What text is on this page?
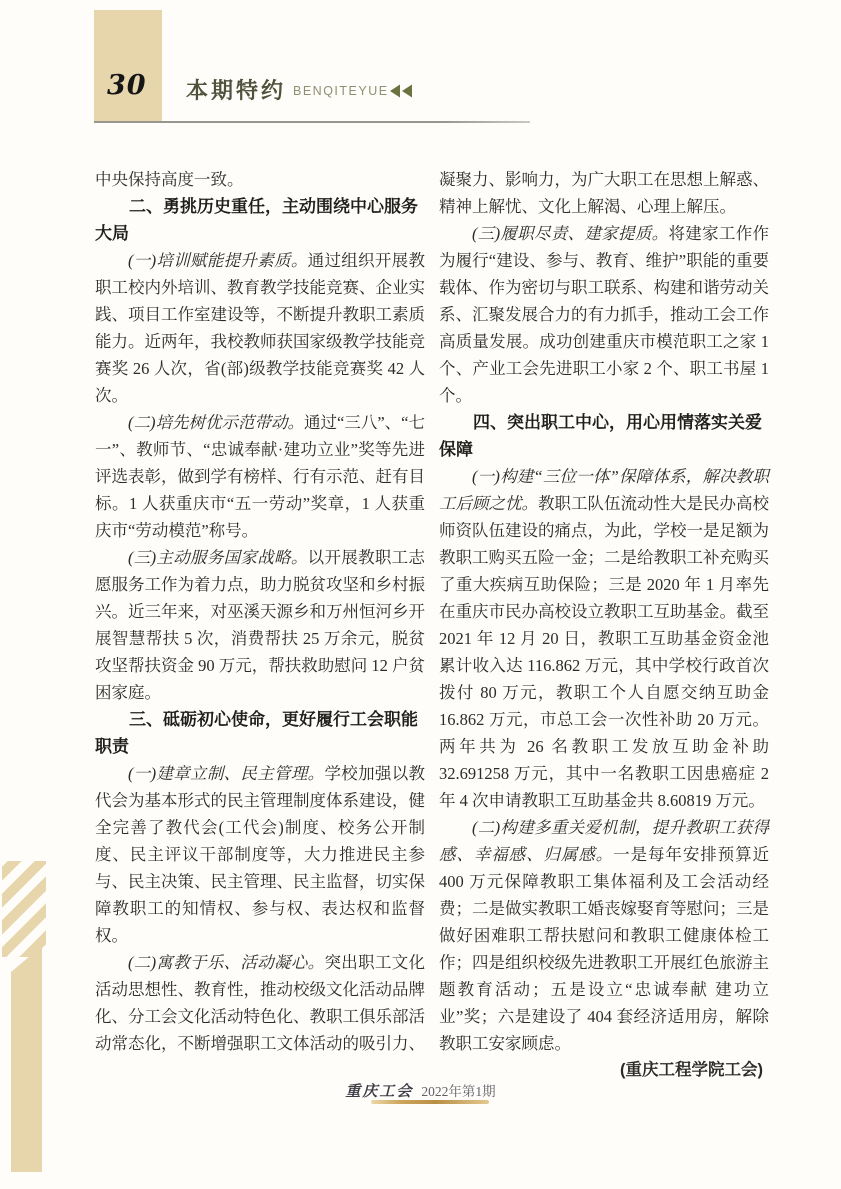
30 本期特约 BENQITEYUE

中央保持高度一致。

二、勇挑历史重任，主动围绕中心服务大局

(一)培训赋能提升素质。通过组织开展教职工校内外培训、教育教学技能竞赛、企业实践、项目工作室建设等，不断提升教职工素质能力。近两年，我校教师获国家级教学技能竞赛奖 26 人次，省(部)级教学技能竞赛奖 42 人次。

(二)培先树优示范带动。通过“三八”、“七一”、教师节、“忠诚奉献·建功立业”奖等先进评选表彰，做到学有榜样、行有示范、赶有目标。1 人获重庆市“五一劳动”奖章，1 人获重庆市“劳动模范”称号。

(三)主动服务国家战略。以开展教职工志愿服务工作为着力点，助力脱贫攻坚和乡村振兴。近三年来，对巫溪天源乡和万州恒河乡开展智慧帮扶 5 次，消费帮扶 25 万余元，脱贫攻坚帮扶资金 90 万元，帮扶救助慰问 12 户贫困家庭。

三、砥砺初心使命，更好履行工会职能职责

(一)建章立制、民主管理。学校加强以教代会为基本形式的民主管理制度体系建设，健全完善了教代会(工代会)制度、校务公开制度、民主评议干部制度等，大力推进民主参与、民主决策、民主管理、民主监督，切实保障教职工的知情权、参与权、表达权和监督权。

(二)寓教于乐、活动凝心。突出职工文化活动思想性、教育性，推动校级文化活动品牌化、分工会文化活动特色化、教职工俱乐部活动常态化，不断增强职工文体活动的吸引力、

凝聚力、影响力，为广大职工在思想上解惑、精神上解忧、文化上解渴、心理上解压。

(三)履职尽责、建家提质。将建家工作作为履行“建设、参与、教育、维护”职能的重要载体、作为密切与职工联系、构建和谐劳动关系、汇聚发展合力的有力抓手，推动工会工作高质量发展。成功创建重庆市模范职工之家 1 个、产业工会先进职工小家 2 个、职工书屋 1 个。

四、突出职工中心，用心用情落实关爱保障

(一)构建“三位一体”保障体系，解决教职工后顾之忧。教职工队伍流动性大是民办高校师资队伍建设的痛点，为此，学校一是足额为教职工购买五险一金；二是给教职工补充购买了重大疾病互助保险；三是 2020 年 1 月率先在重庆市民办高校设立教职工互助基金。截至 2021 年 12 月 20 日，教职工互助基金资金池累计收入达 116.862 万元，其中学校行政首次拨付 80 万元，教职工个人自愿交纳互助金 16.862 万元，市总工会一次性补助 20 万元。两年共为 26 名教职工发放互助金补助 32.691258 万元，其中一名教职工因患癌症 2 年 4 次申请教职工互助基金共 8.60819 万元。

(二)构建多重关爱机制，提升教职工获得感、幸福感、归属感。一是每年安排预算近 400 万元保障教职工集体福利及工会活动经费；二是做实教职工婚丧嫁娶育等慰问；三是做好困难职工帮扶慰问和教职工健康体检工作；四是组织校级先进教职工开展红色旅游主题教育活动；五是设立“忠诚奉献 建功立业”奖；六是建设了 404 套经济适用房，解除教职工安家顾虑。

(重庆工程学院工会)

重庆工会 2022年第1期
